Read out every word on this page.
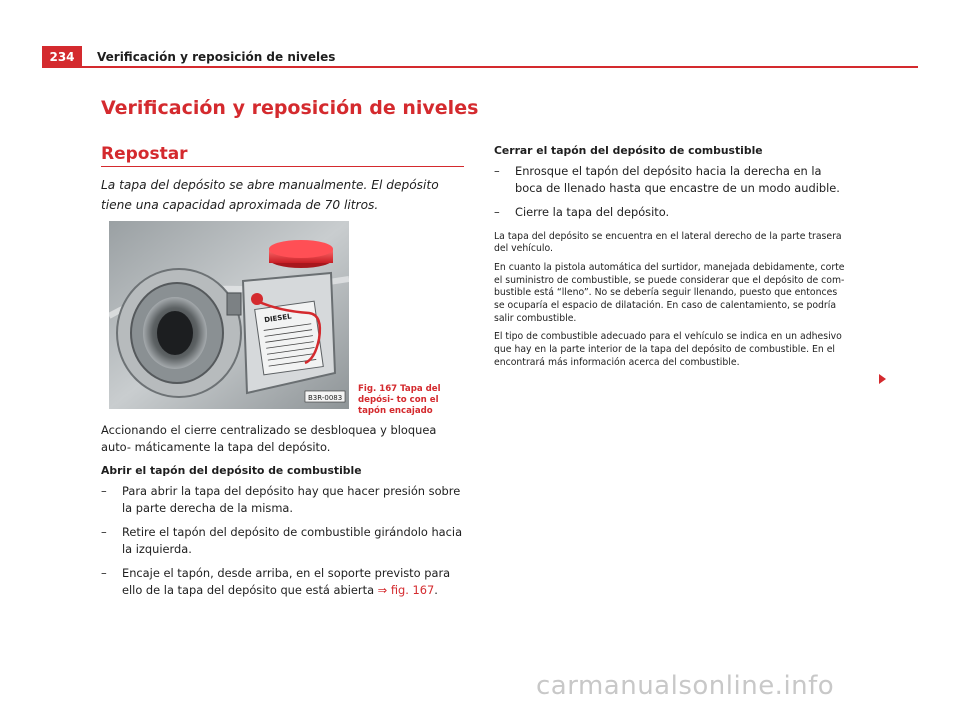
234	Verificación y reposición de niveles
Verificación y reposición de niveles
Repostar

La tapa del depósito se abre manualmente. El depósito tiene una capacidad aproximada de 70 litros.

DIESEL
B3R-0083
Fig. 167 Tapa del depósi- to con el tapón encajado

Accionando el cierre centralizado se desbloquea y bloquea auto- máticamente la tapa del depósito.

Abrir el tapón del depósito de combustible

– Para abrir la tapa del depósito hay que hacer presión sobre la parte derecha de la misma.
– Retire el tapón del depósito de combustible girándolo hacia la izquierda.
– Encaje el tapón, desde arriba, en el soporte previsto para ello de la tapa del depósito que está abierta ⇒ fig. 167.

Cerrar el tapón del depósito de combustible

– Enrosque el tapón del depósito hacia la derecha en la boca de llenado hasta que encastre de un modo audible.
– Cierre la tapa del depósito.

La tapa del depósito se encuentra en el lateral derecho de la parte trasera del vehículo.

En cuanto la pistola automática del surtidor, manejada debidamente, corte el suministro de combustible, se puede considerar que el depósito de com- bustible está “lleno”. No se debería seguir llenando, puesto que entonces se ocuparía el espacio de dilatación. En caso de calentamiento, se podría salir combustible.

El tipo de combustible adecuado para el vehículo se indica en un adhesivo que hay en la parte interior de la tapa del depósito de combustible. En el encontrará más información acerca del combustible.

carmanualsonline.info
